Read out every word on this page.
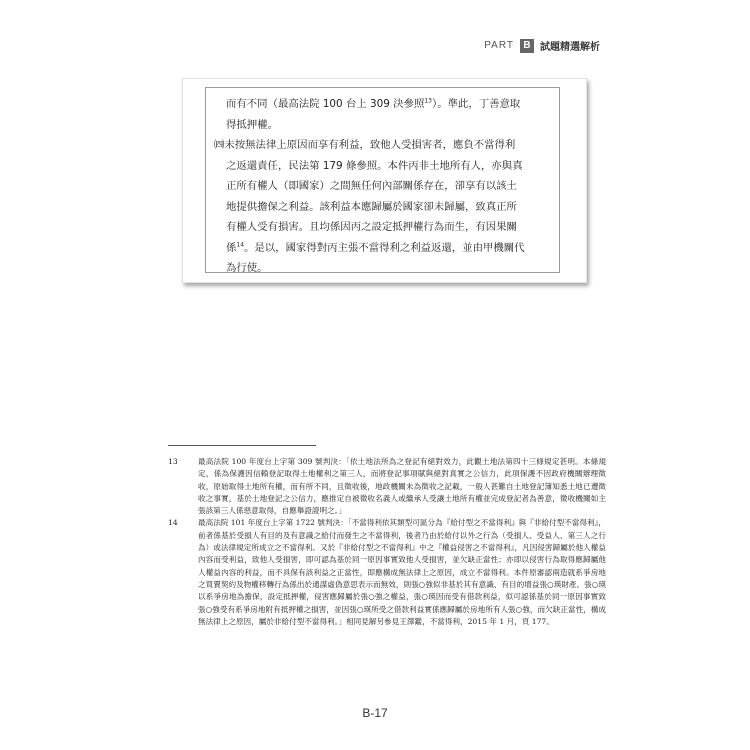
PART B 試題精選解析

而有不同（最高法院 100 台上 309 決參照$^{13}$）。準此，丁善意取

得抵押權。

㈣未按無法律上原因而享有利益，致他人受損害者，應負不當得利

之返還責任，民法第 179 條參照。本件丙非土地所有人，亦與真

正所有權人（即國家）之間無任何內部關係存在，卻享有以該土

地提供擔保之利益。該利益本應歸屬於國家卻未歸屬，致真正所

有權人受有損害。且均係因丙之設定抵押權行為而生，有因果關

係$^{14}$。是以，國家得對丙主張不當得利之利益返還，並由甲機關代

為行使。

13	最高法院 100 年度台上字第 309 號判決：「依土地法所為之登記有絕對效力，此觀土地法第四十三條規定甚明。本條規定，係為保護因信賴登記取得土地權利之第三人，而將登記事項賦與絕對真實之公信力，此項保護不因政府機關辦理徵收，原始取得土地所有權，而有所不同，且徵收後，地政機關未為徵收之記載，一般人甚難自土地登記簿知悉土地已遭徵收之事實，基於土地登記之公信力，應推定自被徵收名義人或繼承人受讓土地所有權並完成登記者為善意，徵收機關如主張該第三人係惡意取得，自應舉證證明之。」
14	最高法院 101 年度台上字第 1722 號判決：「不當得利依其類型可區分為『給付型之不當得利』與『非給付型不當得利』，前者係基於受損人有目的及有意識之給付而發生之不當得利，後者乃由於給付以外之行為（受損人、受益人、第三人之行為）或法律規定所成立之不當得利。又於『非給付型之不當得利』中之『權益侵害之不當得利』，凡因侵害歸屬於他人權益內容而受利益，致他人受損害，即可認為基於同一原因事實致他人受損害，並欠缺正當性；亦即以侵害行為取得應歸屬他人權益內容的利益，而不具保有該利益之正當性，即應構成無法律上之原因，成立不當得利。本件原審認兩造就系爭房地之買賣契約及物權移轉行為係出於通謀虛偽意思表示而無效，則張○強似非基於其有意識、有目的增益張○瑛財產。張○瑛以系爭房地為擔保，設定抵押權，侵害應歸屬於張○強之權益，張○瑛因而受有借款利益，似可認係基於同一原因事實致張○強受有系爭房地附有抵押權之損害，並因張○瑛所受之借款利益實係應歸屬於房地所有人張○強，而欠缺正當性，構成無法律上之原因，屬於非給付型不當得利。」相同見解另參見王澤鑑，不當得利，2015 年 1 月，頁 177。
B-17
